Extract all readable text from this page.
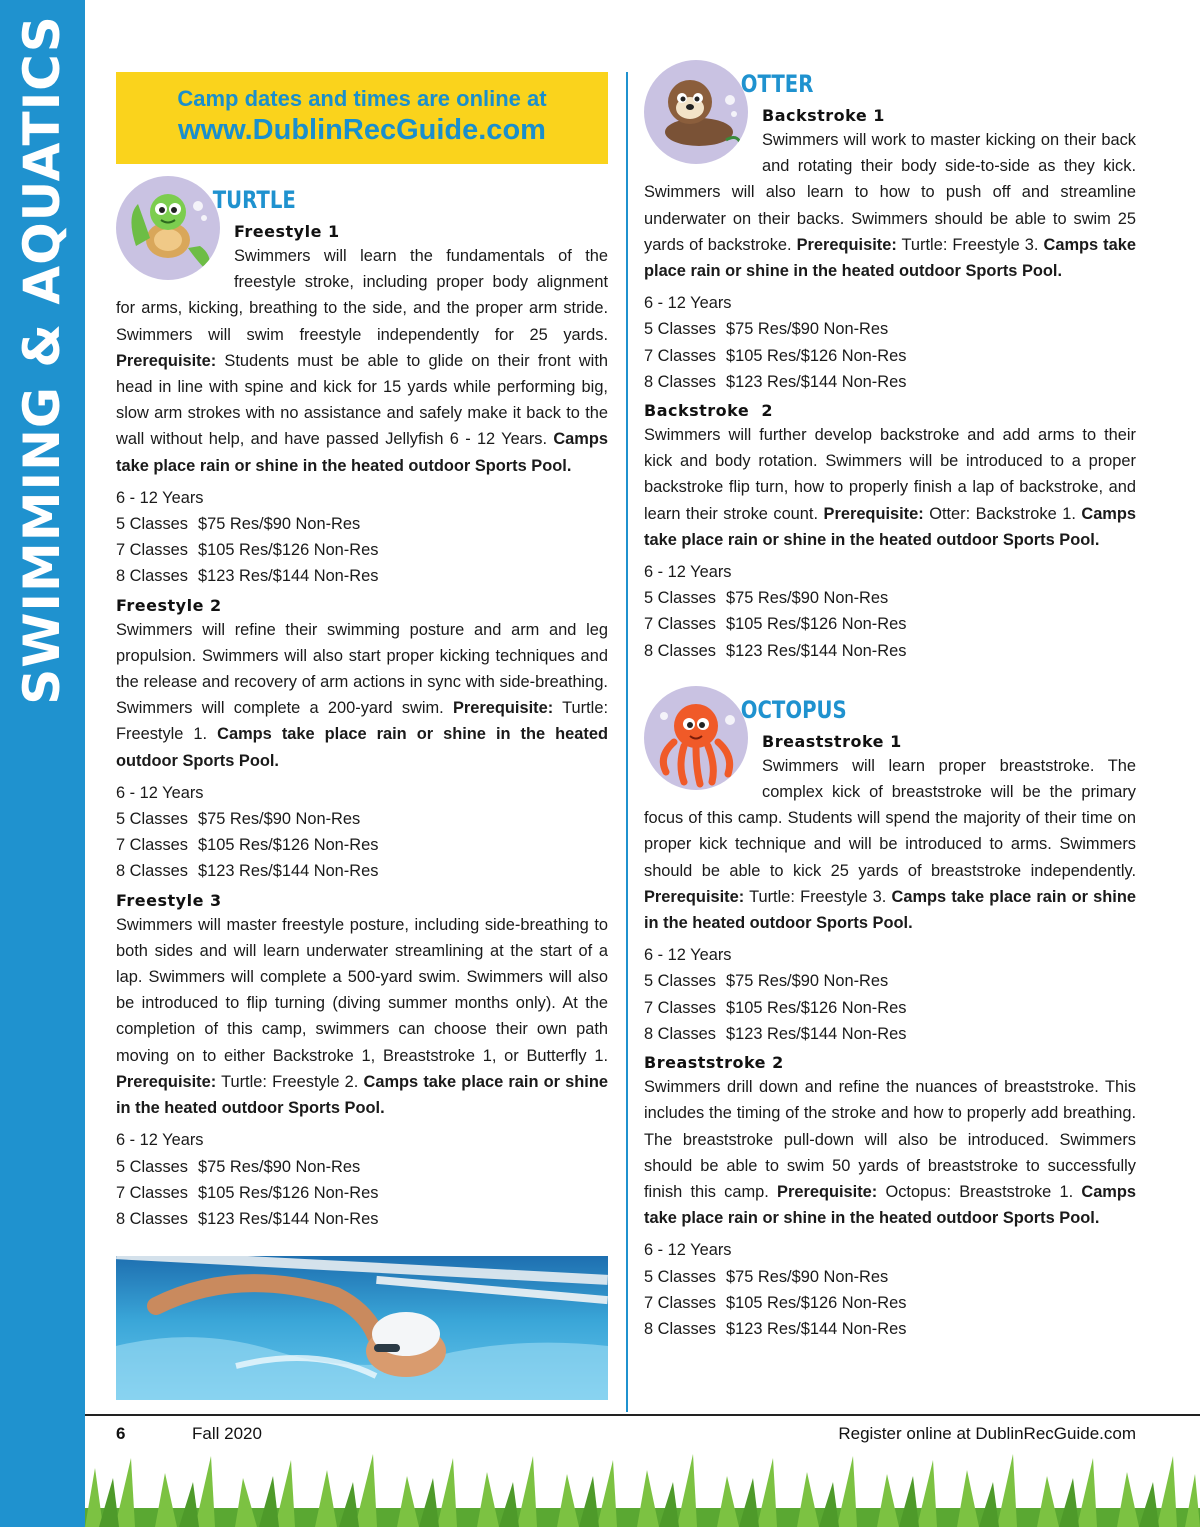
SWIMMING & AQUATICS	Camp dates and times are online at
www.DublinRecGuide.com
TURTLE
Freestyle 1

Swimmers will learn the fundamentals of the freestyle stroke, including proper body alignment for arms, kicking, breathing to the side, and the proper arm stride. Swimmers will swim freestyle independently for 25 yards. Prerequisite: Students must be able to glide on their front with head in line with spine and kick for 15 yards while performing big, slow arm strokes with no assistance and safely make it back to the wall without help, and have passed Jellyfish 6 - 12 Years. Camps take place rain or shine in the heated outdoor Sports Pool.

6 - 12 Years
5 Classes $75 Res/$90 Non-Res
7 Classes $105 Res/$126 Non-Res
8 Classes $123 Res/$144 Non-Res
Freestyle 2

Swimmers will refine their swimming posture and arm and leg propulsion. Swimmers will also start proper kicking techniques and the release and recovery of arm actions in sync with side-breathing. Swimmers will complete a 200-yard swim. Prerequisite: Turtle: Freestyle 1. Camps take place rain or shine in the heated outdoor Sports Pool.

6 - 12 Years
5 Classes $75 Res/$90 Non-Res
7 Classes $105 Res/$126 Non-Res
8 Classes $123 Res/$144 Non-Res
Freestyle 3

Swimmers will master freestyle posture, including side-breathing to both sides and will learn underwater streamlining at the start of a lap. Swimmers will complete a 500-yard swim. Swimmers will also be introduced to flip turning (diving summer months only). At the completion of this camp, swimmers can choose their own path moving on to either Backstroke 1, Breaststroke 1, or Butterfly 1. Prerequisite: Turtle: Freestyle 2. Camps take place rain or shine in the heated outdoor Sports Pool.

6 - 12 Years
5 Classes $75 Res/$90 Non-Res
7 Classes $105 Res/$126 Non-Res
8 Classes $123 Res/$144 Non-Res
OTTER
Backstroke 1

Swimmers will work to master kicking on their back and rotating their body side-to-side as they kick. Swimmers will also learn to how to push off and streamline underwater on their backs. Swimmers should be able to swim 25 yards of backstroke. Prerequisite: Turtle: Freestyle 3. Camps take place rain or shine in the heated outdoor Sports Pool.

6 - 12 Years
5 Classes $75 Res/$90 Non-Res
7 Classes $105 Res/$126 Non-Res
8 Classes $123 Res/$144 Non-Res
Backstroke  2

Swimmers will further develop backstroke and add arms to their kick and body rotation. Swimmers will be introduced to a proper backstroke flip turn, how to properly finish a lap of backstroke, and learn their stroke count. Prerequisite: Otter: Backstroke 1. Camps take place rain or shine in the heated outdoor Sports Pool.

6 - 12 Years
5 Classes $75 Res/$90 Non-Res
7 Classes $105 Res/$126 Non-Res
8 Classes $123 Res/$144 Non-Res
OCTOPUS
Breaststroke 1

Swimmers will learn proper breaststroke. The complex kick of breaststroke will be the primary focus of this camp. Students will spend the majority of their time on proper kick technique and will be introduced to arms. Swimmers should be able to kick 25 yards of breaststroke independently. Prerequisite: Turtle: Freestyle 3. Camps take place rain or shine in the heated outdoor Sports Pool.

6 - 12 Years
5 Classes $75 Res/$90 Non-Res
7 Classes $105 Res/$126 Non-Res
8 Classes $123 Res/$144 Non-Res
Breaststroke 2

Swimmers drill down and refine the nuances of breaststroke. This includes the timing of the stroke and how to properly add breathing. The breaststroke pull-down will also be introduced. Swimmers should be able to swim 50 yards of breaststroke to successfully finish this camp. Prerequisite: Octopus: Breaststroke 1. Camps take place rain or shine in the heated outdoor Sports Pool.

6 - 12 Years
5 Classes $75 Res/$90 Non-Res
7 Classes $105 Res/$126 Non-Res
8 Classes $123 Res/$144 Non-Res
6	Fall 2020	Register online at DublinRecGuide.com
